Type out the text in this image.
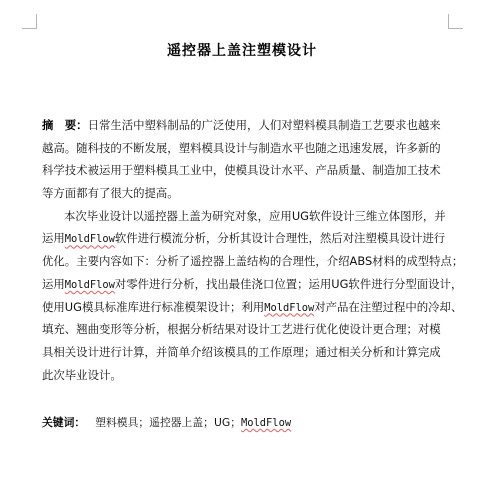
遥控器上盖注塑模设计
摘　要：日常生活中塑料制品的广泛使用，人们对塑料模具制造工艺要求也越来
越高。随科技的不断发展，塑料模具设计与制造水平也随之迅速发展，许多新的
科学技术被运用于塑料模具工业中，使模具设计水平、产品质量、制造加工技术
等方面都有了很大的提高。
本次毕业设计以遥控器上盖为研究对象，应用UG软件设计三维立体图形，并
运用MoldFlow软件进行模流分析，分析其设计合理性，然后对注塑模具设计进行
优化。主要内容如下：分析了遥控器上盖结构的合理性，介绍ABS材料的成型特点；
运用MoldFlow对零件进行分析，找出最佳浇口位置；运用UG软件进行分型面设计，
使用UG模具标准库进行标准模架设计；利用MoldFlow对产品在注塑过程中的冷却、
填充、翘曲变形等分析，根据分析结果对设计工艺进行优化使设计更合理；对模
具相关设计进行计算，并简单介绍该模具的工作原理；通过相关分析和计算完成
此次毕业设计。
关键词： 塑料模具；遥控器上盖；UG；MoldFlow
